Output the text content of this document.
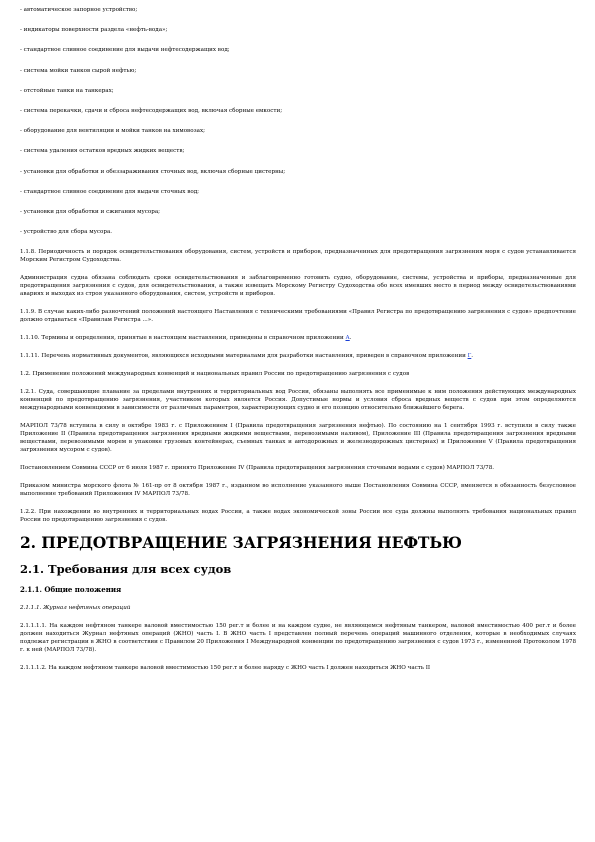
- автоматическое запорное устройство;
- индикаторы поверхности раздела «нефть-вода»;
- стандартное сливное соединение для выдачи нефтесодержащих вод;
- система мойки танков сырой нефтью;
- отстойные танки на танкерах;
- система перекачки, сдачи и сброса нефтесодержащих вод, включая сборные емкости;
- оборудование для вентиляции и мойки танков на химовозах;
- система удаления остатков вредных жидких веществ;
- установки для обработки и обеззараживания сточных вод, включая сборные цистерны;
- стандартное сливное соединение для выдачи сточных вод;
- установки для обработки и сжигания мусора;
- устройство для сбора мусора.

1.1.8. Периодичность и порядок освидетельствования оборудования, систем, устройств и приборов, предназначенных для предотвращения загрязнения моря с судов устанавливается Морским Регистром Судоходства.

Администрация судна обязана соблюдать сроки освидетельствования и заблаговременно готовить судно, оборудование, системы, устройства и приборы, предназначенные для предотвращения загрязнения с судов, для освидетельствования, а также извещать Морскому Регистру Судоходства обо всех имевших место в период между освидетельствованиями авариях и выходах из строя указанного оборудования, систем, устройств и приборов.

1.1.9. В случае каких-либо разночтений положений настоящего Наставления с техническими требованиями «Правил Регистра по предотвращению загрязнения с судов» предпочтение должно отдаваться «Правилам Регистра ...».

1.1.10. Термины и определения, принятые в настоящем наставлении, приведены в справочном приложении А.

1.1.11. Перечень нормативных документов, являющихся исходными материалами для разработки наставления, приведен в справочном приложении Г.

1.2. Применение положений международных конвенций и национальных правил России по предотвращению загрязнения с судов

1.2.1. Суда, совершающие плавание за пределами внутренних и территориальных вод России, обязаны выполнять все применимые к ним положения действующих международных конвенций по предотвращению загрязнения, участником которых является Россия. Допустимые нормы и условия сброса вредных веществ с судов при этом определяются международными конвенциями в зависимости от различных параметров, характеризующих судно и его позицию относительно ближайшего берега.

МАРПОЛ 73/78 вступила в силу в октябре 1983 г. с Приложением I (Правила предотвращения загрязнения нефтью). По состоянию на 1 сентября 1993 г. вступили в силу также Приложение II (Правила предотвращения загрязнения вредными жидкими веществами, перевозимыми наливом), Приложение III (Правила предотвращения загрязнения вредными веществами, перевозимыми морем в упаковке грузовых контейнерах, съемных танках и автодорожных и железнодорожных цистернах) и Приложение V (Правила предотвращения загрязнения мусором с судов).

Постановлением Совмина СССР от 6 июля 1987 г. принято Приложение IV (Правила предотвращения загрязнения сточными водами с судов) МАРПОЛ 73/78.

Приказом министра морского флота № 161-пр от 8 октября 1987 г., изданном во исполнение указанного выше Постановления Совмина СССР, вменяется в обязанность безусловное выполнение требований Приложения IV МАРПОЛ 73/78.

1.2.2. При нахождении во внутренних и территориальных водах России, а также водах экономической зоны России все суда должны выполнять требования национальных правил России по предотвращению загрязнения с судов.

2. ПРЕДОТВРАЩЕНИЕ ЗАГРЯЗНЕНИЯ НЕФТЬЮ
2.1. Требования для всех судов
2.1.1. Общие положения

2.1.1.1. Журнал нефтяных операций

2.1.1.1.1. На каждом нефтяном танкере валовой вместимостью 150 рег.т и более и на каждом судне, не являющемся нефтяным танкером, валовой вместимостью 400 рег.т и более должен находиться Журнал нефтяных операций (ЖНО) часть I. В ЖНО часть I представлен полный перечень операций машинного отделения, которые в необходимых случаях подлежат регистрации в ЖНО в соответствии с Правилом 20 Приложения I Международной конвенции по предотвращению загрязнения с судов 1973 г., измененной Протоколом 1978 г. к ней (МАРПОЛ 73/78).

2.1.1.1.2. На каждом нефтяном танкере валовой вместимостью 150 рег.т и более наряду с ЖНО часть I должен находиться ЖНО часть II
